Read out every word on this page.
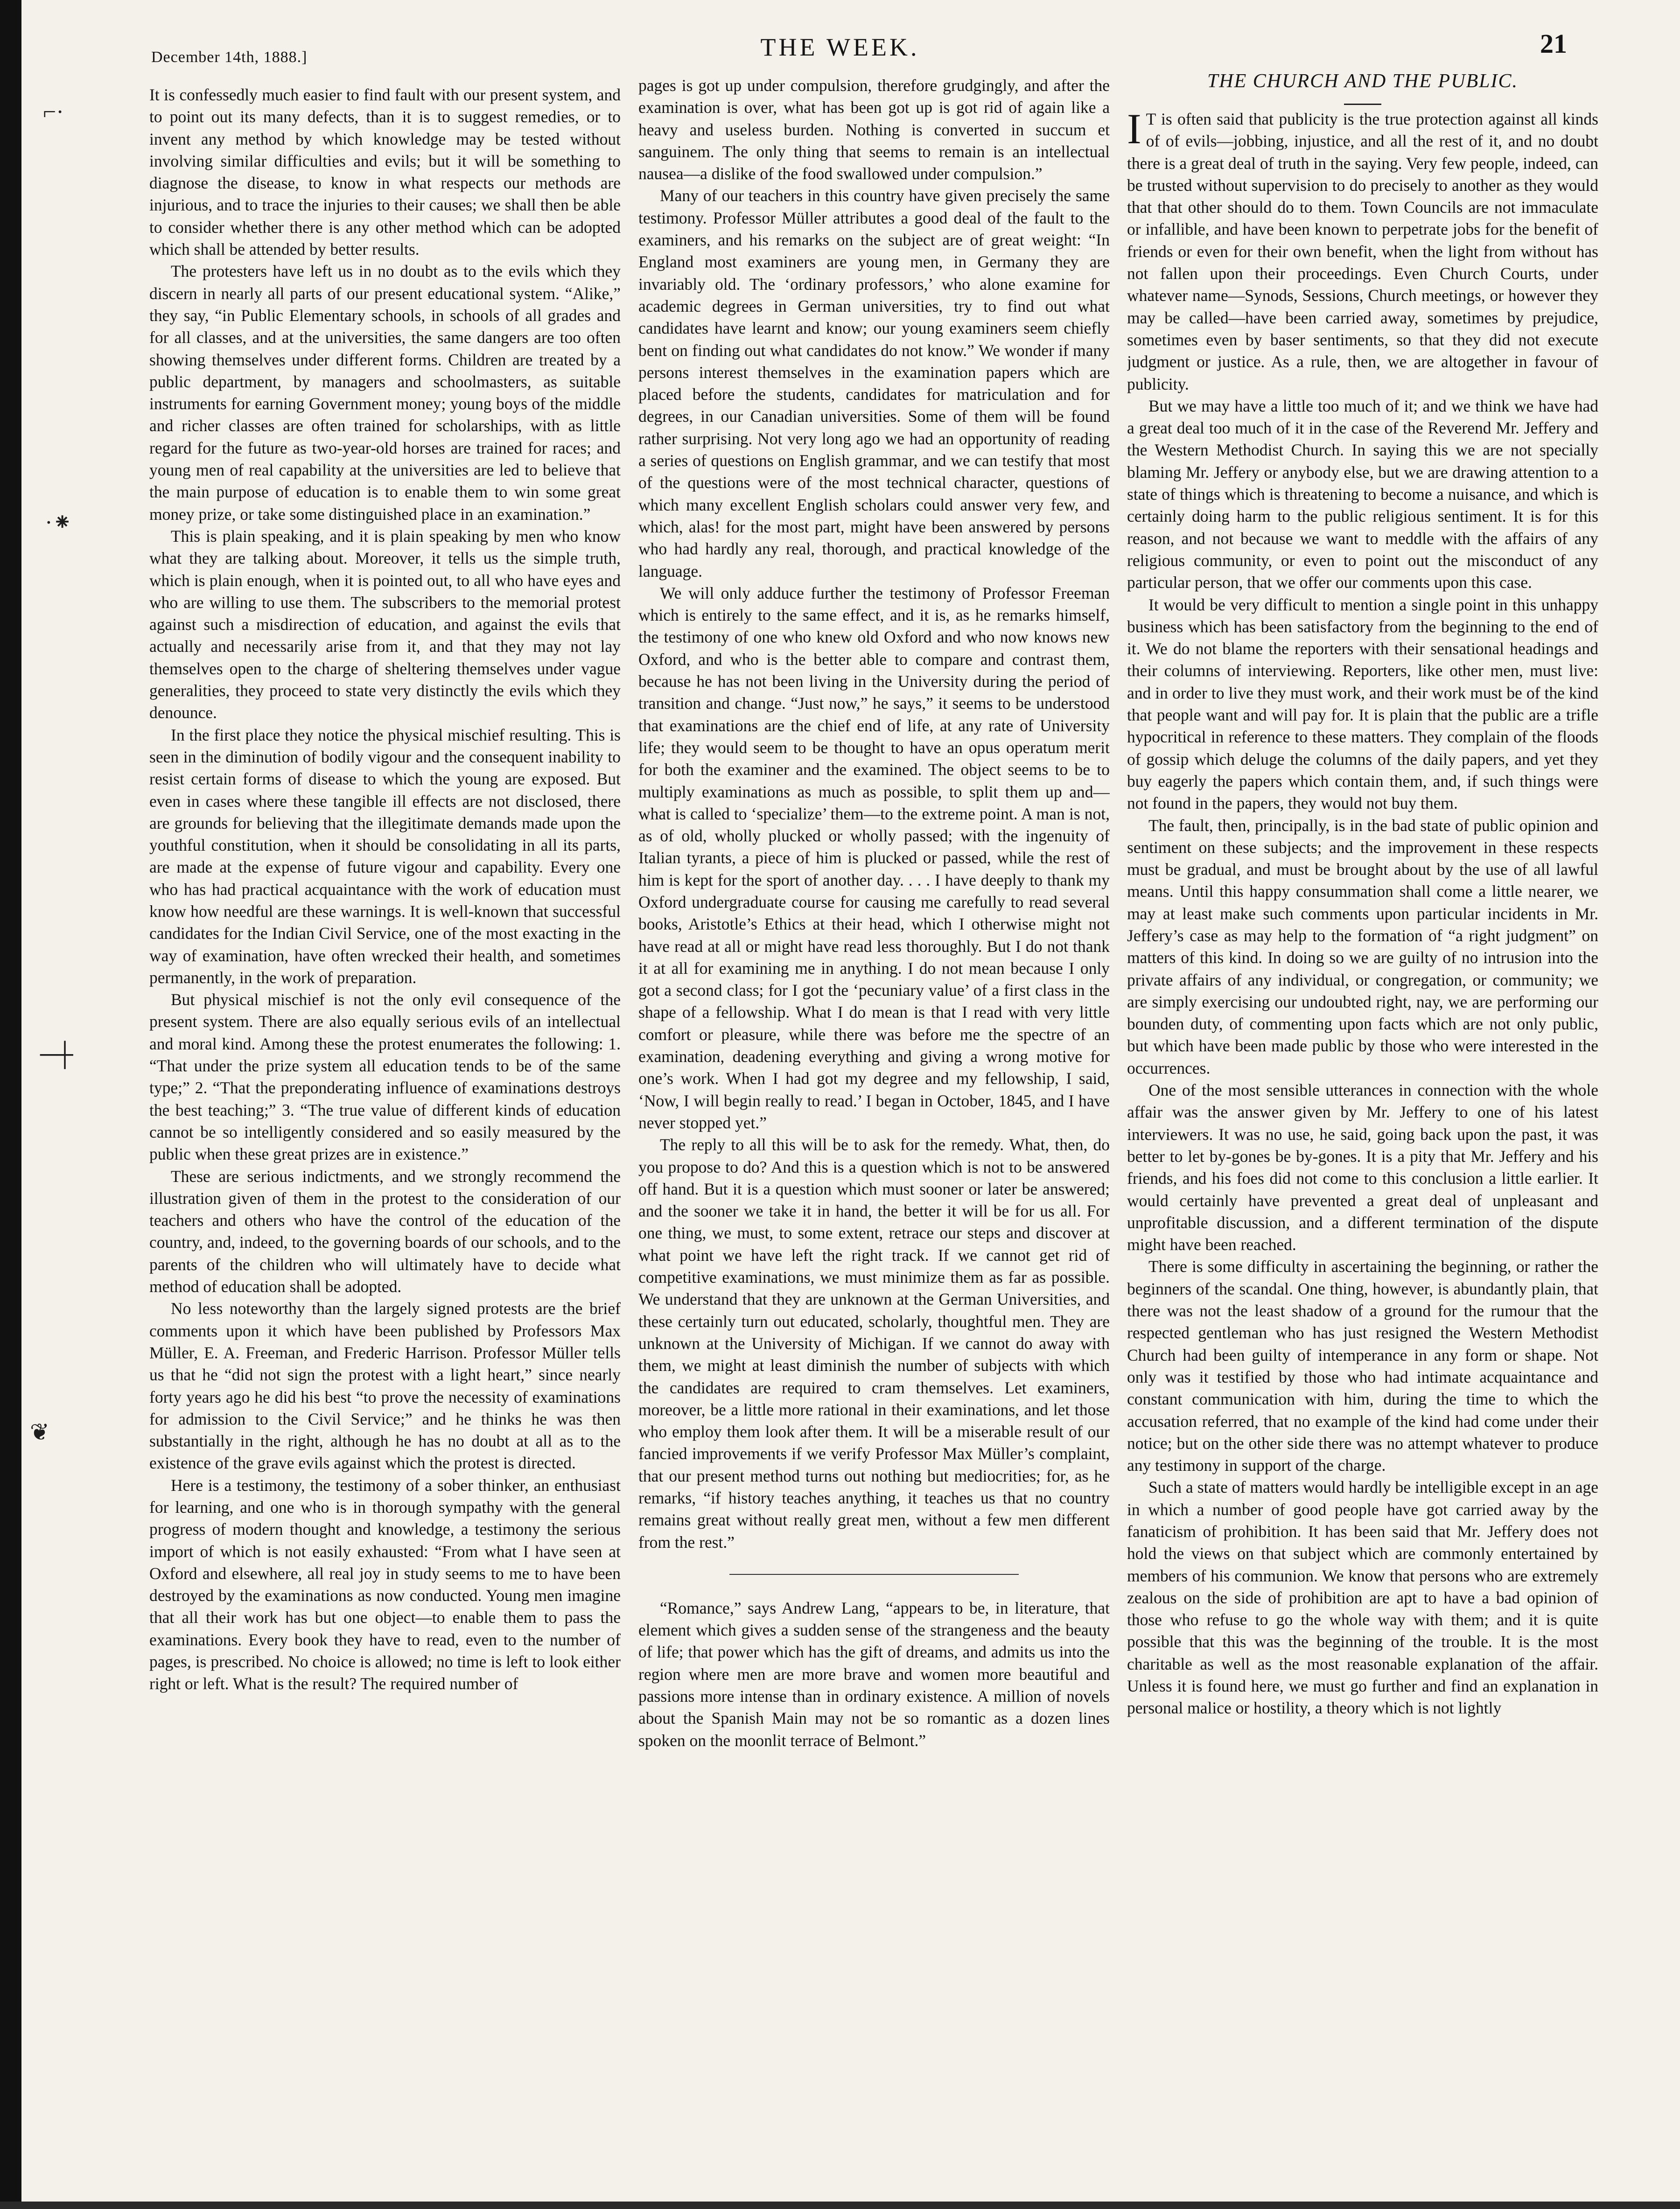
December 14th, 1888.]	THE WEEK.	21

It is confessedly much easier to find fault with our present system, and to point out its many defects, than it is to suggest remedies, or to invent any method by which knowledge may be tested without involving similar difficulties and evils; but it will be something to diagnose the disease, to know in what respects our methods are injurious, and to trace the injuries to their causes; we shall then be able to consider whether there is any other method which can be adopted which shall be attended by better results.

The protesters have left us in no doubt as to the evils which they discern in nearly all parts of our present educational system. “Alike,” they say, “in Public Elementary schools, in schools of all grades and for all classes, and at the universities, the same dangers are too often showing themselves under different forms. Children are treated by a public department, by managers and schoolmasters, as suitable instruments for earning Government money; young boys of the middle and richer classes are often trained for scholarships, with as little regard for the future as two-year-old horses are trained for races; and young men of real capability at the universities are led to believe that the main purpose of education is to enable them to win some great money prize, or take some distinguished place in an examination.”

This is plain speaking, and it is plain speaking by men who know what they are talking about. Moreover, it tells us the simple truth, which is plain enough, when it is pointed out, to all who have eyes and who are willing to use them. The subscribers to the memorial protest against such a misdirection of education, and against the evils that actually and necessarily arise from it, and that they may not lay themselves open to the charge of sheltering themselves under vague generalities, they proceed to state very distinctly the evils which they denounce.

In the first place they notice the physical mischief resulting. This is seen in the diminution of bodily vigour and the consequent inability to resist certain forms of disease to which the young are exposed. But even in cases where these tangible ill effects are not disclosed, there are grounds for believing that the illegitimate demands made upon the youthful constitution, when it should be consolidating in all its parts, are made at the expense of future vigour and capability. Every one who has had practical acquaintance with the work of education must know how needful are these warnings. It is well-known that successful candidates for the Indian Civil Service, one of the most exacting in the way of examination, have often wrecked their health, and sometimes permanently, in the work of preparation.

But physical mischief is not the only evil consequence of the present system. There are also equally serious evils of an intellectual and moral kind. Among these the protest enumerates the following: 1. “That under the prize system all education tends to be of the same type;” 2. “That the preponderating influence of examinations destroys the best teaching;” 3. “The true value of different kinds of education cannot be so intelligently considered and so easily measured by the public when these great prizes are in existence.”

These are serious indictments, and we strongly recommend the illustration given of them in the protest to the consideration of our teachers and others who have the control of the education of the country, and, indeed, to the governing boards of our schools, and to the parents of the children who will ultimately have to decide what method of education shall be adopted.

No less noteworthy than the largely signed protests are the brief comments upon it which have been published by Professors Max Müller, E. A. Freeman, and Frederic Harrison. Professor Müller tells us that he “did not sign the protest with a light heart,” since nearly forty years ago he did his best “to prove the necessity of examinations for admission to the Civil Service;” and he thinks he was then substantially in the right, although he has no doubt at all as to the existence of the grave evils against which the protest is directed.

Here is a testimony, the testimony of a sober thinker, an enthusiast for learning, and one who is in thorough sympathy with the general progress of modern thought and knowledge, a testimony the serious import of which is not easily exhausted: “From what I have seen at Oxford and elsewhere, all real joy in study seems to me to have been destroyed by the examinations as now conducted. Young men imagine that all their work has but one object—to enable them to pass the examinations. Every book they have to read, even to the number of pages, is prescribed. No choice is allowed; no time is left to look either right or left. What is the result? The required number of

pages is got up under compulsion, therefore grudgingly, and after the examination is over, what has been got up is got rid of again like a heavy and useless burden. Nothing is converted in succum et sanguinem. The only thing that seems to remain is an intellectual nausea—a dislike of the food swallowed under compulsion.”

Many of our teachers in this country have given precisely the same testimony. Professor Müller attributes a good deal of the fault to the examiners, and his remarks on the subject are of great weight: “In England most examiners are young men, in Germany they are invariably old. The ‘ordinary professors,’ who alone examine for academic degrees in German universities, try to find out what candidates have learnt and know; our young examiners seem chiefly bent on finding out what candidates do not know.” We wonder if many persons interest themselves in the examination papers which are placed before the students, candidates for matriculation and for degrees, in our Canadian universities. Some of them will be found rather surprising. Not very long ago we had an opportunity of reading a series of questions on English grammar, and we can testify that most of the questions were of the most technical character, questions of which many excellent English scholars could answer very few, and which, alas! for the most part, might have been answered by persons who had hardly any real, thorough, and practical knowledge of the language.

We will only adduce further the testimony of Professor Freeman which is entirely to the same effect, and it is, as he remarks himself, the testimony of one who knew old Oxford and who now knows new Oxford, and who is the better able to compare and contrast them, because he has not been living in the University during the period of transition and change. “Just now,” he says,” it seems to be understood that examinations are the chief end of life, at any rate of University life; they would seem to be thought to have an opus operatum merit for both the examiner and the examined. The object seems to be to multiply examinations as much as possible, to split them up and—what is called to ‘specialize’ them—to the extreme point. A man is not, as of old, wholly plucked or wholly passed; with the ingenuity of Italian tyrants, a piece of him is plucked or passed, while the rest of him is kept for the sport of another day. . . . I have deeply to thank my Oxford undergraduate course for causing me carefully to read several books, Aristotle’s Ethics at their head, which I otherwise might not have read at all or might have read less thoroughly. But I do not thank it at all for examining me in anything. I do not mean because I only got a second class; for I got the ‘pecuniary value’ of a first class in the shape of a fellowship. What I do mean is that I read with very little comfort or pleasure, while there was before me the spectre of an examination, deadening everything and giving a wrong motive for one’s work. When I had got my degree and my fellowship, I said, ‘Now, I will begin really to read.’ I began in October, 1845, and I have never stopped yet.”

The reply to all this will be to ask for the remedy. What, then, do you propose to do? And this is a question which is not to be answered off hand. But it is a question which must sooner or later be answered; and the sooner we take it in hand, the better it will be for us all. For one thing, we must, to some extent, retrace our steps and discover at what point we have left the right track. If we cannot get rid of competitive examinations, we must minimize them as far as possible. We understand that they are unknown at the German Universities, and these certainly turn out educated, scholarly, thoughtful men. They are unknown at the University of Michigan. If we cannot do away with them, we might at least diminish the number of subjects with which the candidates are required to cram themselves. Let examiners, moreover, be a little more rational in their examinations, and let those who employ them look after them. It will be a miserable result of our fancied improvements if we verify Professor Max Müller’s complaint, that our present method turns out nothing but mediocrities; for, as he remarks, “if history teaches anything, it teaches us that no country remains great without really great men, without a few men different from the rest.”

“Romance,” says Andrew Lang, “appears to be, in literature, that element which gives a sudden sense of the strangeness and the beauty of life; that power which has the gift of dreams, and admits us into the region where men are more brave and women more beautiful and passions more intense than in ordinary existence. A million of novels about the Spanish Main may not be so romantic as a dozen lines spoken on the moonlit terrace of Belmont.”

THE CHURCH AND THE PUBLIC.

I T is often said that publicity is the true protection against all kinds of of evils—jobbing, injustice, and all the rest of it, and no doubt there is a great deal of truth in the saying. Very few people, indeed, can be trusted without supervision to do precisely to another as they would that that other should do to them. Town Councils are not immaculate or infallible, and have been known to perpetrate jobs for the benefit of friends or even for their own benefit, when the light from without has not fallen upon their proceedings. Even Church Courts, under whatever name—Synods, Sessions, Church meetings, or however they may be called—have been carried away, sometimes by prejudice, sometimes even by baser sentiments, so that they did not execute judgment or justice. As a rule, then, we are altogether in favour of publicity.

But we may have a little too much of it; and we think we have had a great deal too much of it in the case of the Reverend Mr. Jeffery and the Western Methodist Church. In saying this we are not specially blaming Mr. Jeffery or anybody else, but we are drawing attention to a state of things which is threatening to become a nuisance, and which is certainly doing harm to the public religious sentiment. It is for this reason, and not because we want to meddle with the affairs of any religious community, or even to point out the misconduct of any particular person, that we offer our comments upon this case.

It would be very difficult to mention a single point in this unhappy business which has been satisfactory from the beginning to the end of it. We do not blame the reporters with their sensational headings and their columns of interviewing. Reporters, like other men, must live: and in order to live they must work, and their work must be of the kind that people want and will pay for. It is plain that the public are a trifle hypocritical in reference to these matters. They complain of the floods of gossip which deluge the columns of the daily papers, and yet they buy eagerly the papers which contain them, and, if such things were not found in the papers, they would not buy them.

The fault, then, principally, is in the bad state of public opinion and sentiment on these subjects; and the improvement in these respects must be gradual, and must be brought about by the use of all lawful means. Until this happy consummation shall come a little nearer, we may at least make such comments upon particular incidents in Mr. Jeffery’s case as may help to the formation of “a right judgment” on matters of this kind. In doing so we are guilty of no intrusion into the private affairs of any individual, or congregation, or community; we are simply exercising our undoubted right, nay, we are performing our bounden duty, of commenting upon facts which are not only public, but which have been made public by those who were interested in the occurrences.

One of the most sensible utterances in connection with the whole affair was the answer given by Mr. Jeffery to one of his latest interviewers. It was no use, he said, going back upon the past, it was better to let by-gones be by-gones. It is a pity that Mr. Jeffery and his friends, and his foes did not come to this conclusion a little earlier. It would certainly have prevented a great deal of unpleasant and unprofitable discussion, and a different termination of the dispute might have been reached.

There is some difficulty in ascertaining the beginning, or rather the beginners of the scandal. One thing, however, is abundantly plain, that there was not the least shadow of a ground for the rumour that the respected gentleman who has just resigned the Western Methodist Church had been guilty of intemperance in any form or shape. Not only was it testified by those who had intimate acquaintance and constant communication with him, during the time to which the accusation referred, that no example of the kind had come under their notice; but on the other side there was no attempt whatever to produce any testimony in support of the charge.

Such a state of matters would hardly be intelligible except in an age in which a number of good people have got carried away by the fanaticism of prohibition. It has been said that Mr. Jeffery does not hold the views on that subject which are commonly entertained by members of his communion. We know that persons who are extremely zealous on the side of prohibition are apt to have a bad opinion of those who refuse to go the whole way with them; and it is quite possible that this was the beginning of the trouble. It is the most charitable as well as the most reasonable explanation of the affair. Unless it is found here, we must go further and find an explanation in personal malice or hostility, a theory which is not lightly

⌐·
·⁕
─┼
❦
